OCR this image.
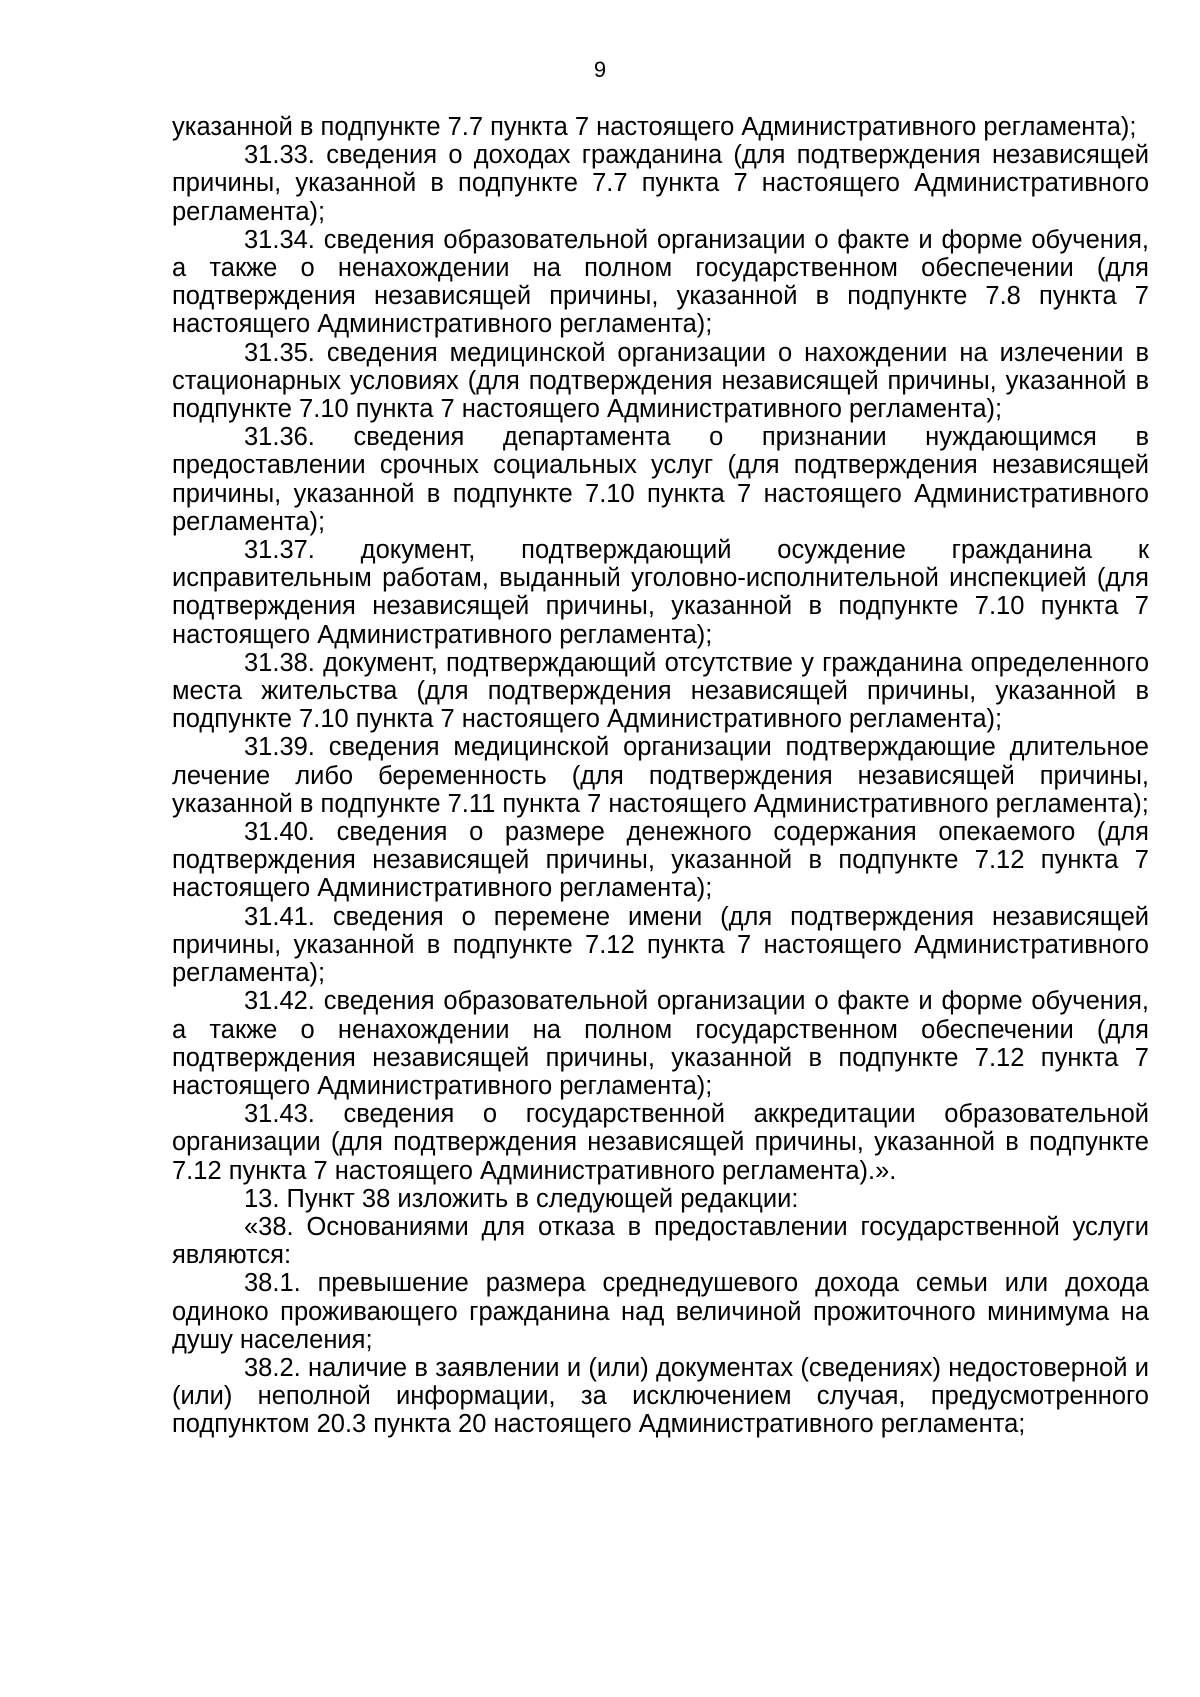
9

указанной в подпункте 7.7 пункта 7 настоящего Административного регламента);

31.33. сведения о доходах гражданина (для подтверждения независящей причины, указанной в подпункте 7.7 пункта 7 настоящего Административного регламента);

31.34. сведения образовательной организации о факте и форме обучения, а также о ненахождении на полном государственном обеспечении (для подтверждения независящей причины, указанной в подпункте 7.8 пункта 7 настоящего Административного регламента);

31.35. сведения медицинской организации о нахождении на излечении в стационарных условиях (для подтверждения независящей причины, указанной в подпункте 7.10 пункта 7 настоящего Административного регламента);

31.36. сведения департамента о признании нуждающимся в предоставлении срочных социальных услуг (для подтверждения независящей причины, указанной в подпункте 7.10 пункта 7 настоящего Административного регламента);

31.37. документ, подтверждающий осуждение гражданина к исправительным работам, выданный уголовно-исполнительной инспекцией (для подтверждения независящей причины, указанной в подпункте 7.10 пункта 7 настоящего Административного регламента);

31.38. документ, подтверждающий отсутствие у гражданина определенного места жительства (для подтверждения независящей причины, указанной в подпункте 7.10 пункта 7 настоящего Административного регламента);

31.39. сведения медицинской организации подтверждающие длительное лечение либо беременность (для подтверждения независящей причины, указанной в подпункте 7.11 пункта 7 настоящего Административного регламента);

31.40. сведения о размере денежного содержания опекаемого (для подтверждения независящей причины, указанной в подпункте 7.12 пункта 7 настоящего Административного регламента);

31.41. сведения о перемене имени (для подтверждения независящей причины, указанной в подпункте 7.12 пункта 7 настоящего Административного регламента);

31.42. сведения образовательной организации о факте и форме обучения, а также о ненахождении на полном государственном обеспечении (для подтверждения независящей причины, указанной в подпункте 7.12 пункта 7 настоящего Административного регламента);

31.43. сведения о государственной аккредитации образовательной организации (для подтверждения независящей причины, указанной в подпункте 7.12 пункта 7 настоящего Административного регламента).».

13. Пункт 38 изложить в следующей редакции:

«38. Основаниями для отказа в предоставлении государственной услуги являются:

38.1. превышение размера среднедушевого дохода семьи или дохода одиноко проживающего гражданина над величиной прожиточного минимума на душу населения;

38.2. наличие в заявлении и (или) документах (сведениях) недостоверной и (или) неполной информации, за исключением случая, предусмотренного подпунктом 20.3 пункта 20 настоящего Административного регламента;
